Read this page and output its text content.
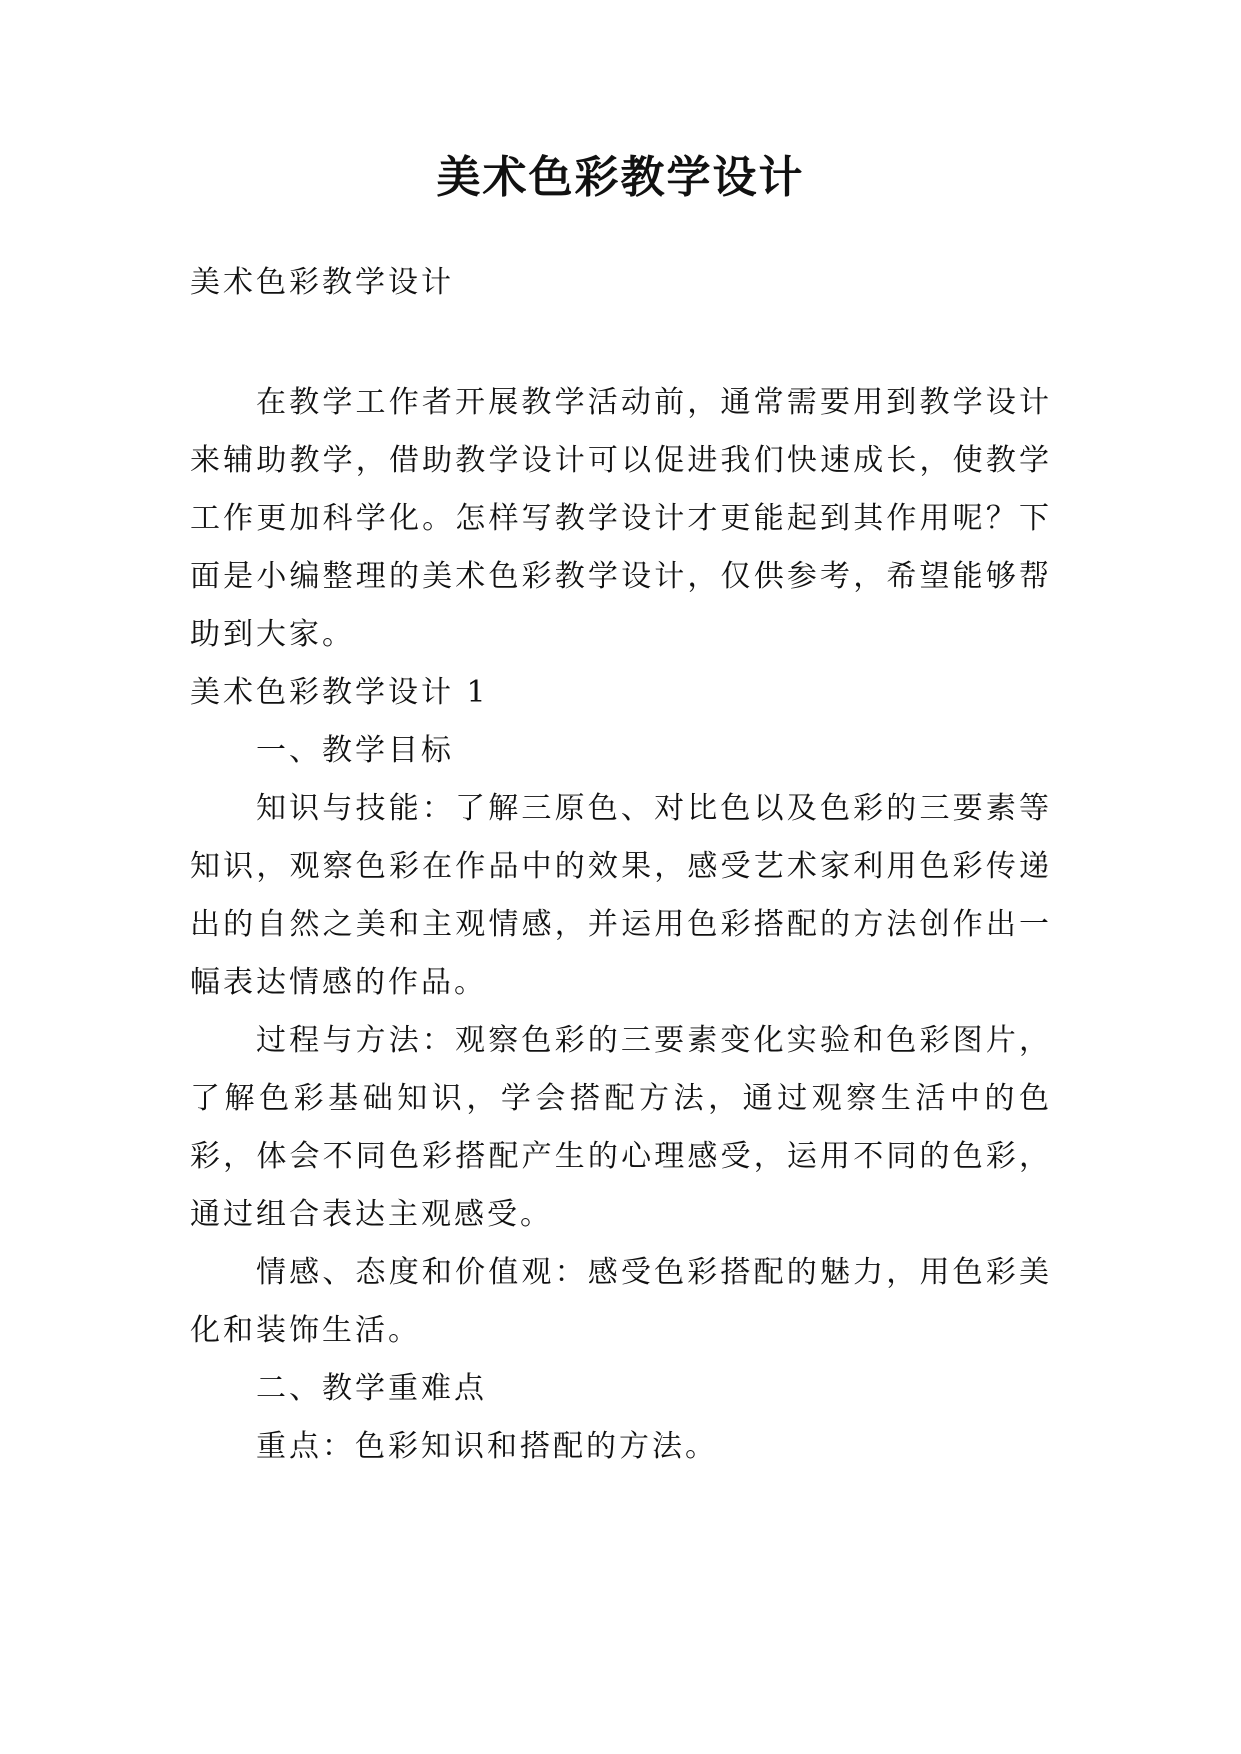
美术色彩教学设计
美术色彩教学设计

在教学工作者开展教学活动前，通常需要用到教学设计来辅助教学，借助教学设计可以促进我们快速成长，使教学工作更加科学化。怎样写教学设计才更能起到其作用呢？下面是小编整理的美术色彩教学设计，仅供参考，希望能够帮助到大家。

美术色彩教学设计 1
一、教学目标

知识与技能：了解三原色、对比色以及色彩的三要素等知识，观察色彩在作品中的效果，感受艺术家利用色彩传递出的自然之美和主观情感，并运用色彩搭配的方法创作出一幅表达情感的作品。

过程与方法：观察色彩的三要素变化实验和色彩图片，了解色彩基础知识，学会搭配方法，通过观察生活中的色彩，体会不同色彩搭配产生的心理感受，运用不同的色彩，通过组合表达主观感受。

情感、态度和价值观：感受色彩搭配的魅力，用色彩美化和装饰生活。

二、教学重难点
重点：色彩知识和搭配的方法。
